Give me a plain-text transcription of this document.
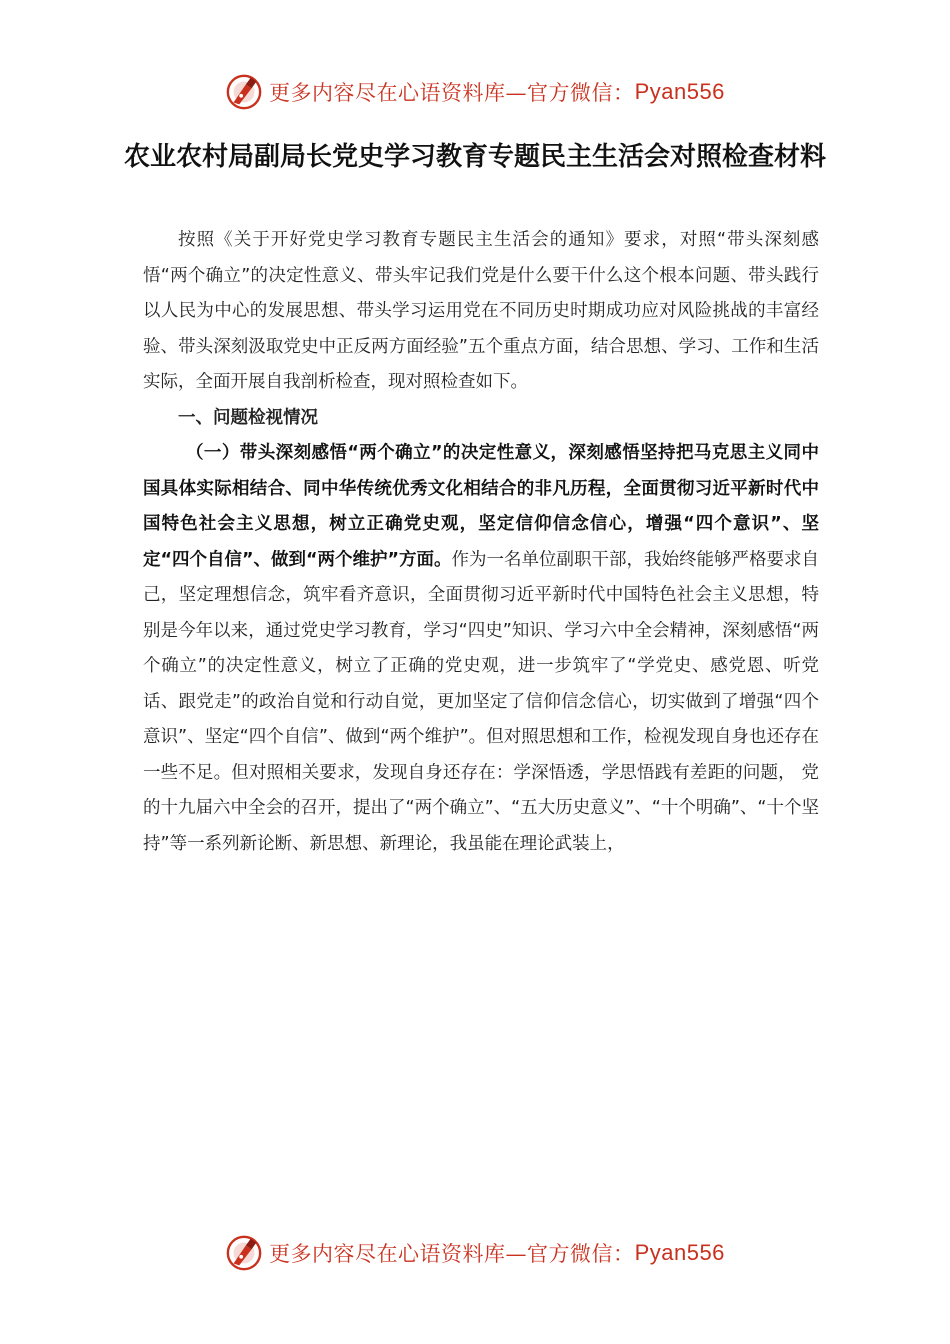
更多内容尽在心语资料库—官方微信： Pyan556
农业农村局副局长党史学习教育专题民主生活会对照检查材料

按照《关于开好党史学习教育专题民主生活会的通知》要求，对照“带头深刻感悟“两个确立”的决定性意义、带头牢记我们党是什么要干什么这个根本问题、带头践行以人民为中心的发展思想、带头学习运用党在不同历史时期成功应对风险挑战的丰富经验、带头深刻汲取党史中正反两方面经验”五个重点方面，结合思想、学习、工作和生活实际，全面开展自我剖析检查，现对照检查如下。

一、问题检视情况

（一）带头深刻感悟“两个确立”的决定性意义，深刻感悟坚持把马克思主义同中国具体实际相结合、同中华传统优秀文化相结合的非凡历程，全面贯彻习近平新时代中国特色社会主义思想，树立正确党史观，坚定信仰信念信心，增强“四个意识”、坚定“四个自信”、做到“两个维护”方面。作为一名单位副职干部，我始终能够严格要求自己，坚定理想信念，筑牢看齐意识，全面贯彻习近平新时代中国特色社会主义思想，特别是今年以来，通过党史学习教育，学习“四史”知识、学习六中全会精神，深刻感悟“两个确立”的决定性意义，树立了正确的党史观，进一步筑牢了“学党史、感党恩、听党话、跟党走”的政治自觉和行动自觉，更加坚定了信仰信念信心，切实做到了增强“四个意识”、坚定“四个自信”、做到“两个维护”。但对照思想和工作，检视发现自身也还存在一些不足。但对照相关要求，发现自身还存在：学深悟透，学思悟践有差距的问题， 党的十九届六中全会的召开，提出了“两个确立”、“五大历史意义”、“十个明确”、“十个坚持”等一系列新论断、新思想、新理论，我虽能在理论武装上，

更多内容尽在心语资料库—官方微信： Pyan556
